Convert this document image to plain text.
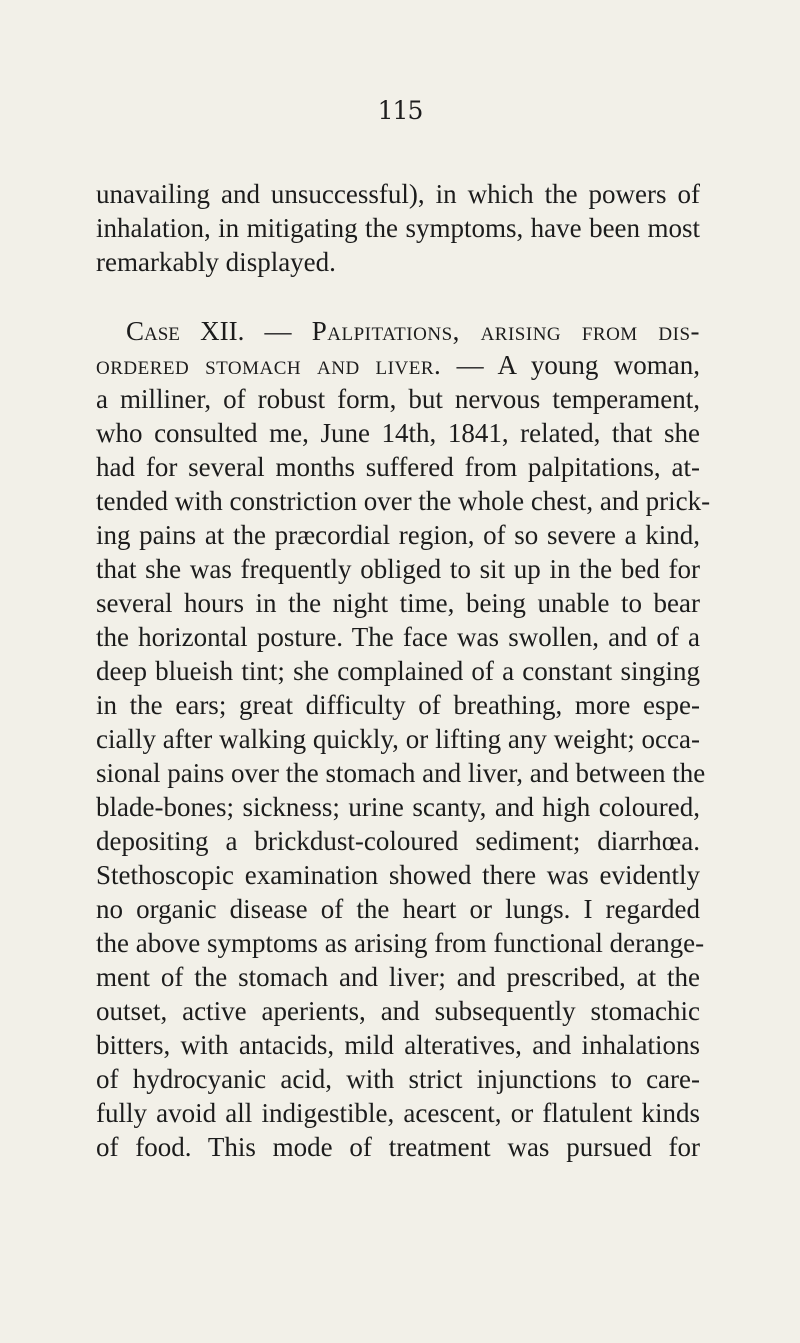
115
unavailing and unsuccessful), in which the powers of
inhalation, in mitigating the symptoms, have been most
remarkably displayed.
Case XII. — Palpitations, arising from dis-
ordered stomach and liver. — A young woman,
a milliner, of robust form, but nervous temperament,
who consulted me, June 14th, 1841, related, that she
had for several months suffered from palpitations, at-
tended with constriction over the whole chest, and prick-
ing pains at the præcordial region, of so severe a kind,
that she was frequently obliged to sit up in the bed for
several hours in the night time, being unable to bear
the horizontal posture. The face was swollen, and of a
deep blueish tint; she complained of a constant singing
in the ears; great difficulty of breathing, more espe-
cially after walking quickly, or lifting any weight; occa-
sional pains over the stomach and liver, and between the
blade-bones; sickness; urine scanty, and high coloured,
depositing a brickdust-coloured sediment; diarrhœa.
Stethoscopic examination showed there was evidently
no organic disease of the heart or lungs. I regarded
the above symptoms as arising from functional derange-
ment of the stomach and liver; and prescribed, at the
outset, active aperients, and subsequently stomachic
bitters, with antacids, mild alteratives, and inhalations
of hydrocyanic acid, with strict injunctions to care-
fully avoid all indigestible, acescent, or flatulent kinds
of food. This mode of treatment was pursued for
